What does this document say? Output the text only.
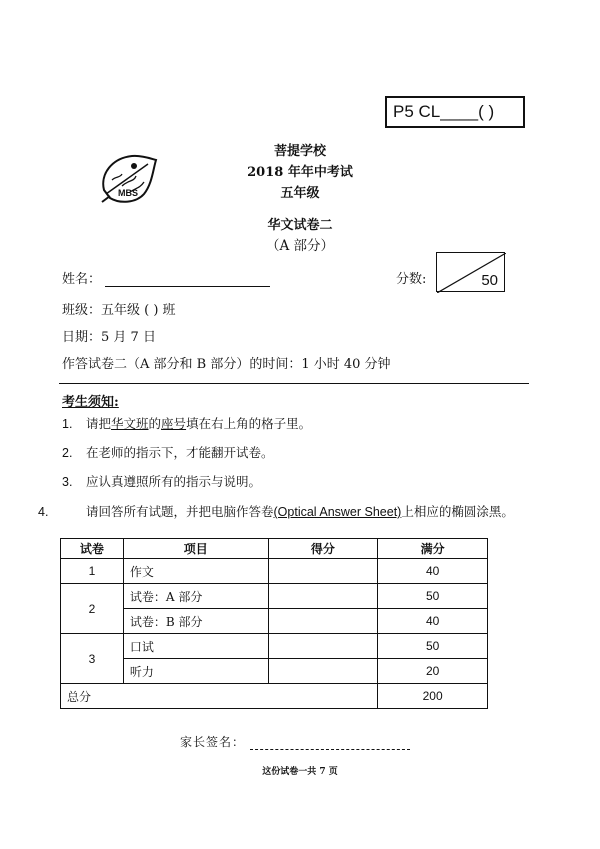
P5 CL____( )
MBS
菩提学校
2018 年年中考试
五年级
华文试卷二
（A 部分）
姓名：	分数:	50
班级：五年级 ( ) 班
日期：5 月 7 日
作答试卷二（A 部分和 B 部分）的时间：1 小时 40 分钟
考生须知:
1. 请把华文班的座号填在右上角的格子里。
2. 在老师的指示下，才能翻开试卷。
3. 应认真遵照所有的指示与说明。
4.	请回答所有试题，并把电脑作答卷(Optical Answer Sheet)上相应的椭圆涂黑。
试卷	项目	得分	满分
1	作文		40
2	试卷：A 部分		50
	试卷：B 部分		40
3	口试		50
	听力		20
总分			200
家长签名：
这份试卷一共 7 页
